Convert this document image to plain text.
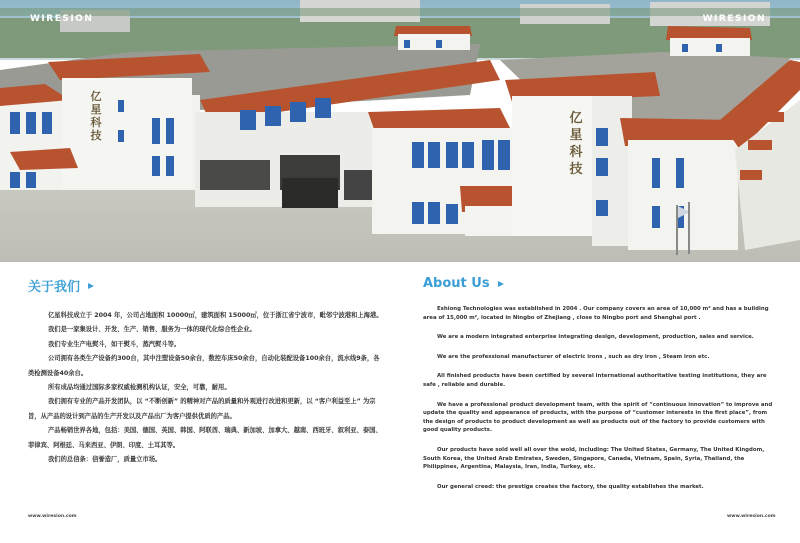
WIRESION	WIRESION
亿星科技
亿星科技
关于我们

亿星科技成立于 2004 年，公司占地面积 10000㎡，建筑面积 15000㎡，位于浙江省宁波市，毗邻宁波港和上海港。

我们是一家集设计、开发、生产、销售、服务为一体的现代化综合性企业。

我们专业生产电熨斗，如干熨斗，蒸汽熨斗等。

公司拥有各类生产设备约300台，其中注塑设备50余台，数控车床50余台，自动化装配设备100余台，流水线9条，各类检测设备40余台。

所有成品均通过国际多家权威检测机构认证，安全，可靠，耐用。

我们拥有专业的产品开发团队，以 “不断创新” 的精神对产品的质量和外观进行改进和更新，以 “客户利益至上” 为宗旨，从产品的设计到产品的生产开发以及产品出厂为客户提供优质的产品。

产品畅销世界各地，包括：美国、德国、英国、韩国、阿联酋、瑞典、新加坡、加拿大、越南、西班牙、叙利亚、泰国、菲律宾、阿根廷、马来西亚、伊朗、印度、土耳其等。

我们的总信条：信誉造厂，质量立市场。

About Us

Eshiong Technologies was established in 2004 . Our company covers an area of 10,000 m² and has a building area of 15,000 m², located in Ningbo of Zhejiang , close to Ningbo port and Shanghai port .

We are a modern integrated enterprise integrating design, development, production, sales and service.

We are the professional manufacturer of electric irons , such as dry iron , Steam iron etc.

All finished products have been certified by several international authoritative testing institutions, they are safe , reliable and durable.

We have a professional product development team, with the spirit of “continuous innovation” to improve and update the quality and appearance of products, with the purpose of “customer interests in the first place”, from the design of products to product development as well as products out of the factory to provide customers with good quality products.

Our products have sold well all over the wold, including: The United States, Germany, The United Kingdom, South Korea, the United Arab Emirates, Sweden, Singapore, Canada, Vietnam, Spain, Syria, Thailand, the Philippines, Argentina, Malaysia, Iran, India, Turkey, etc.

Our general creed: the prestige creates the factory, the quality establishes the market.

www.wiresion.com	www.wiresion.com
